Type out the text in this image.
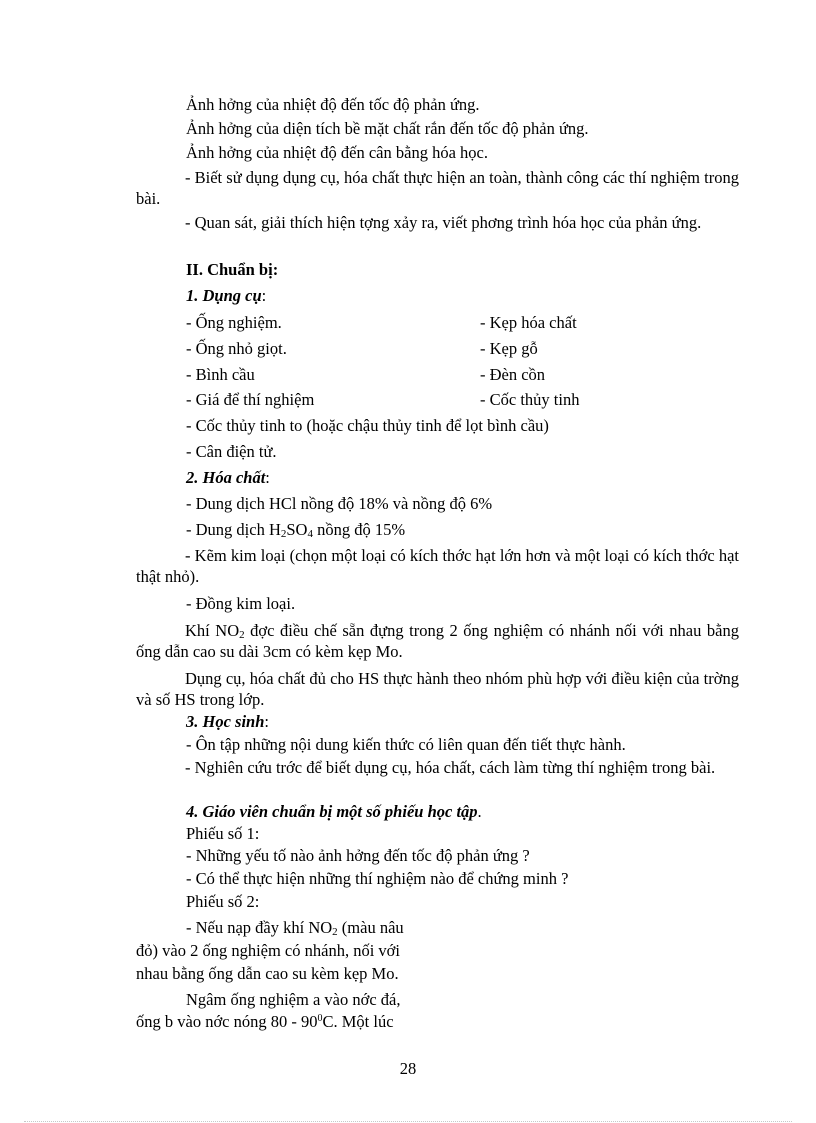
Ảnh hởng của nhiệt độ đến tốc độ phản ứng.
Ảnh hởng của diện tích bề mặt chất rắn đến tốc độ phản ứng.
Ảnh hởng của nhiệt độ đến cân bằng hóa học.
- Biết sử dụng dụng cụ, hóa chất thực hiện an toàn, thành công các thí nghiệm trong bài.
- Quan sát, giải thích hiện tợng xảy ra, viết phơng trình hóa học của phản ứng.
II. Chuẩn bị:
1. Dụng cụ:
- Ống nghiệm.	- Kẹp hóa chất
- Ống nhỏ giọt.	- Kẹp gỗ
- Bình cầu	- Đèn cồn
- Giá để thí nghiệm	- Cốc thủy tinh
- Cốc thủy tinh to (hoặc chậu thủy tinh để lọt bình cầu)
- Cân điện tử.
2. Hóa chất:
- Dung dịch HCl nồng độ 18% và nồng độ 6%
- Dung dịch $H_2SO_4$ nồng độ 15%
- Kẽm kim loại (chọn một loại có kích thớc hạt lớn hơn và một loại có kích thớc hạt thật nhỏ).
- Đồng kim loại.
Khí $NO_2$ đợc điều chế sẵn đựng trong 2 ống nghiệm có nhánh nối với nhau bằng ống dẫn cao su dài 3cm có kèm kẹp Mo.
Dụng cụ, hóa chất đủ cho HS thực hành theo nhóm phù hợp với điều kiện của trờng và số HS trong lớp.
3. Học sinh:
- Ôn tập những nội dung kiến thức có liên quan đến tiết thực hành.
- Nghiên cứu trớc để biết dụng cụ, hóa chất, cách làm từng thí nghiệm trong bài.
4. Giáo viên chuẩn bị một số phiếu học tập.
Phiếu số 1:
- Những yếu tố nào ảnh hởng đến tốc độ phản ứng ?
- Có thể thực hiện những thí nghiệm nào để chứng minh ?
Phiếu số 2:
- Nếu nạp đầy khí $NO_2$ (màu nâu
đỏ) vào 2 ống nghiệm có nhánh, nối với
nhau bằng ống dẫn cao su kèm kẹp Mo.
Ngâm ống nghiệm a vào nớc đá,
ống b vào nớc nóng $80 - 90^0C$. Một lúc
28
